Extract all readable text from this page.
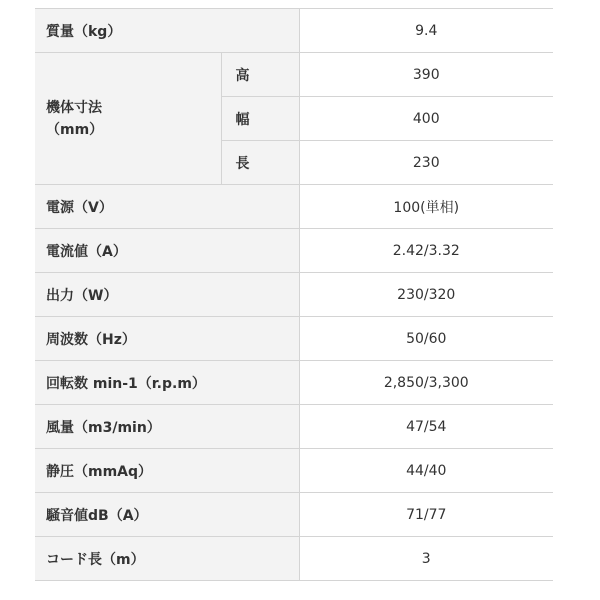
質量（kg）		9.4

機体寸法
（mm）	高	390
	幅	400
	長	230
電源（V）		100(単相)
電流値（A）		2.42/3.32
出力（W）		230/320
周波数（Hz）		50/60
回転数 min-1（r.p.m）		2,850/3,300
風量（m3/min）		47/54
静圧（mmAq）		44/40
騒音値dB（A）		71/77
コード長（m）		3
